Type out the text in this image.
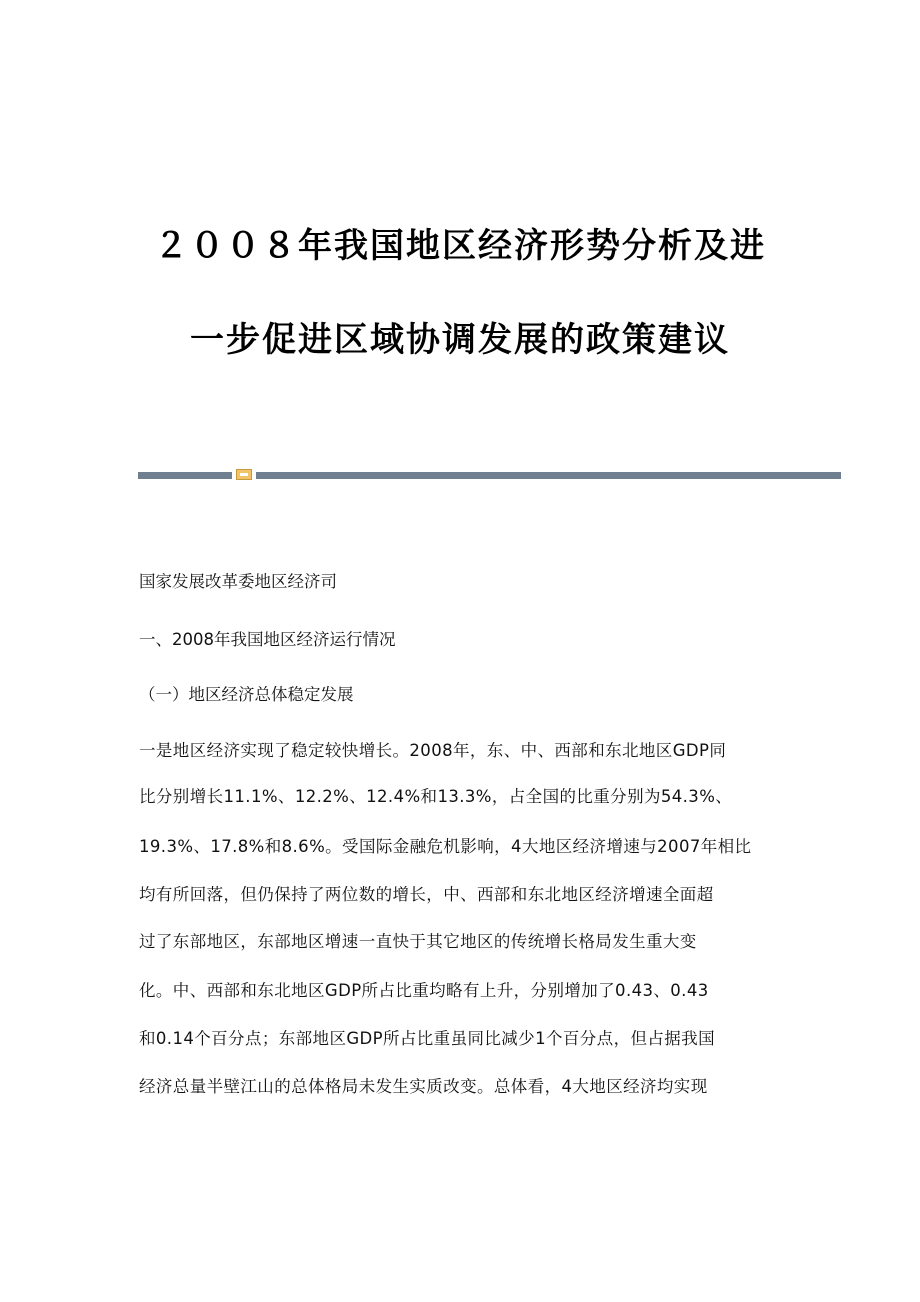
２００８年我国地区经济形势分析及进
一步促进区域协调发展的政策建议
国家发展改革委地区经济司
一、2008年我国地区经济运行情况
（一）地区经济总体稳定发展
一是地区经济实现了稳定较快增长。2008年，东、中、西部和东北地区GDP同
比分别增长11.1%、12.2%、12.4%和13.3%，占全国的比重分别为54.3%、
19.3%、17.8%和8.6%。受国际金融危机影响，4大地区经济增速与2007年相比
均有所回落，但仍保持了两位数的增长，中、西部和东北地区经济增速全面超
过了东部地区，东部地区增速一直快于其它地区的传统增长格局发生重大变
化。中、西部和东北地区GDP所占比重均略有上升，分别增加了0.43、0.43
和0.14个百分点；东部地区GDP所占比重虽同比减少1个百分点，但占据我国
经济总量半壁江山的总体格局未发生实质改变。总体看，4大地区经济均实现
